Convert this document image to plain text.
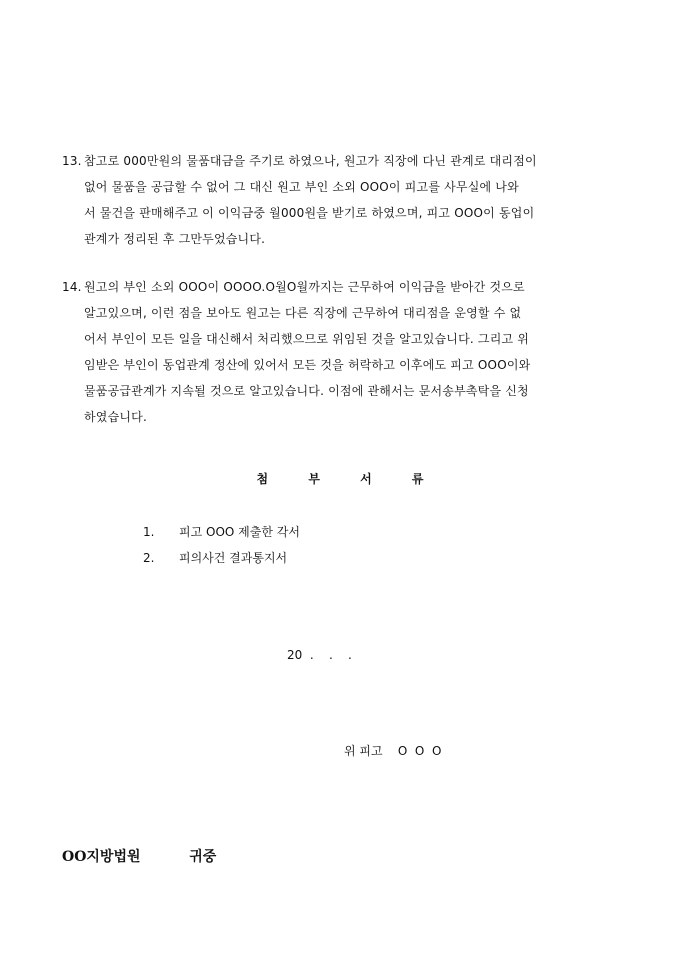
13. 참고로 000만원의 물품대금을 주기로 하였으나, 원고가 직장에 다닌 관계로 대리점이
없어 물품을 공급할 수 없어 그 대신 원고 부인 소외 OOO이 피고를 사무실에 나와
서 물건을 판매해주고 이 이익금중 월000원을 받기로 하였으며, 피고 OOO이 동업이
관계가 정리된 후 그만두었습니다.
14. 원고의 부인 소외 OOO이 OOOO.O월O월까지는 근무하여 이익금을 받아간 것으로
알고있으며, 이런 점을 보아도 원고는 다른 직장에 근무하여 대리점을 운영할 수 없
어서 부인이 모든 일을 대신해서 처리했으므로 위임된 것을 알고있습니다. 그리고 위
임받은 부인이 동업관계 정산에 있어서 모든 것을 허락하고 이후에도 피고 OOO이와
물품공급관계가 지속될 것으로 알고있습니다. 이점에 관해서는 문서송부촉탁을 신청
하였습니다.
첨 부 서 류
1. 피고 OOO 제출한 각서
2. 피의사건 결과통지서
20  .    .    .
위 피고    O  O  O
OO지방법원          귀중
